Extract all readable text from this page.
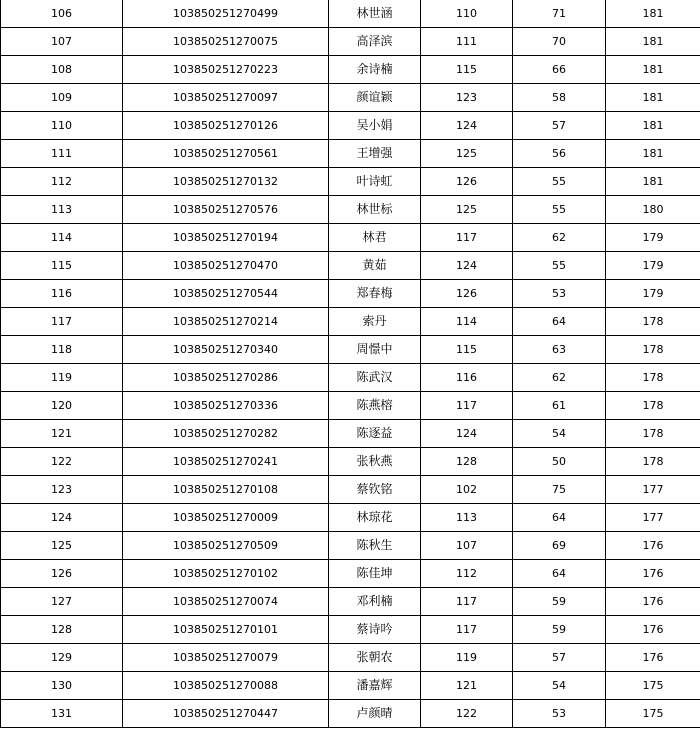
106	103850251270499	林世涵	110	71	181
107	103850251270075	高泽滨	111	70	181
108	103850251270223	余诗楠	115	66	181
109	103850251270097	颜谊颖	123	58	181
110	103850251270126	吴小娟	124	57	181
111	103850251270561	王增强	125	56	181
112	103850251270132	叶诗虹	126	55	181
113	103850251270576	林世标	125	55	180
114	103850251270194	林君	117	62	179
115	103850251270470	黄茹	124	55	179
116	103850251270544	郑春梅	126	53	179
117	103850251270214	索丹	114	64	178
118	103850251270340	周憬中	115	63	178
119	103850251270286	陈武汉	116	62	178
120	103850251270336	陈燕榕	117	61	178
121	103850251270282	陈逐益	124	54	178
122	103850251270241	张秋燕	128	50	178
123	103850251270108	蔡钦铭	102	75	177
124	103850251270009	林琼花	113	64	177
125	103850251270509	陈秋生	107	69	176
126	103850251270102	陈佳坤	112	64	176
127	103850251270074	邓利楠	117	59	176
128	103850251270101	蔡诗吟	117	59	176
129	103850251270079	张朝农	119	57	176
130	103850251270088	潘嘉辉	121	54	175
131	103850251270447	卢颜晴	122	53	175
